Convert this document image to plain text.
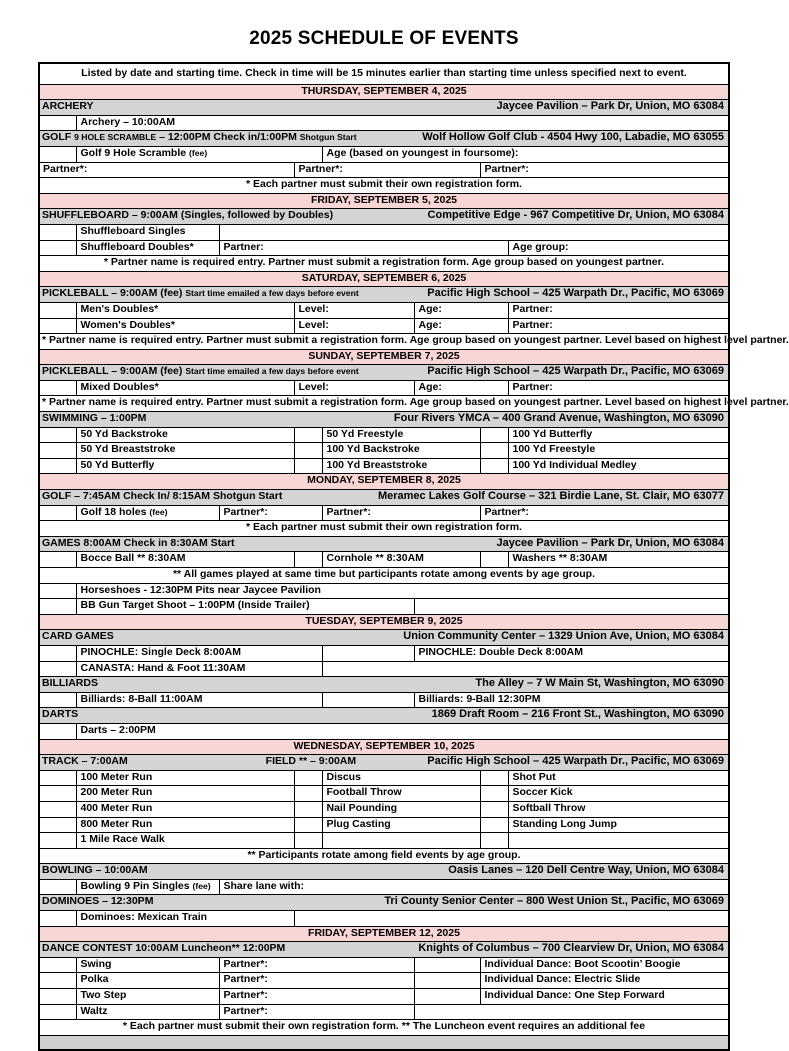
2025 SCHEDULE OF EVENTS
Listed by date and starting time. Check in time will be 15 minutes earlier than starting time unless specified next to event.							
THURSDAY, SEPTEMBER 4, 2025							
ARCHERY Jaycee Pavilion – Park Dr, Union, MO 63084							

	Archery – 10:00AM						
GOLF 9 HOLE SCRAMBLE – 12:00PM Check in/1:00PM Shotgun Start Wolf Hollow Golf Club - 4504 Hwy 100, Labadie, MO 63055							

	Golf 9 Hole Scramble (fee)			Age (based on youngest in foursome):			
Partner*:			Partner*:			Partner*:	
* Each partner must submit their own registration form.							
FRIDAY, SEPTEMBER 5, 2025							
SHUFFLEBOARD – 9:00AM (Singles, followed by Doubles) Competitive Edge - 967 Competitive Dr, Union, MO 63084							

	Shuffleboard Singles						
	Shuffleboard Doubles*	Partner:					Age group:
* Partner name is required entry. Partner must submit a registration form. Age group based on youngest partner.							
SATURDAY, SEPTEMBER 6, 2025							
PICKLEBALL – 9:00AM (fee) Start time emailed a few days before event Pacific High School – 425 Warpath Dr., Pacific, MO 63069							

	Men's Doubles*		Level:		Age:		Partner:
	Women's Doubles*		Level:		Age:		Partner:
* Partner name is required entry. Partner must submit a registration form. Age group based on youngest partner. Level based on highest level partner.							
SUNDAY, SEPTEMBER 7, 2025							
PICKLEBALL – 9:00AM (fee) Start time emailed a few days before event Pacific High School – 425 Warpath Dr., Pacific, MO 63069							

	Mixed Doubles*		Level:		Age:		Partner:
* Partner name is required entry. Partner must submit a registration form. Age group based on youngest partner. Level based on highest level partner.							
SWIMMING – 1:00PM Four Rivers YMCA – 400 Grand Avenue, Washington, MO 63090							

	50 Yd Backstroke			50 Yd Freestyle			100 Yd Butterfly
	50 Yd Breaststroke			100 Yd Backstroke			100 Yd Freestyle
	50 Yd Butterfly			100 Yd Breaststroke			100 Yd Individual Medley
MONDAY, SEPTEMBER 8, 2025							
GOLF – 7:45AM Check In/ 8:15AM Shotgun Start Meramec Lakes Golf Course – 321 Birdie Lane, St. Clair, MO 63077							

	Golf 18 holes (fee)	Partner*:		Partner*:		Partner*:	
* Each partner must submit their own registration form.							
GAMES 8:00AM Check in 8:30AM Start Jaycee Pavilion – Park Dr, Union, MO 63084							

	Bocce Ball ** 8:30AM			Cornhole ** 8:30AM			Washers ** 8:30AM
** All games played at same time but participants rotate among events by age group.							
	Horseshoes - 12:30PM Pits near Jaycee Pavilion						
	BB Gun Target Shoot – 1:00PM (Inside Trailer)						
TUESDAY, SEPTEMBER 9, 2025							
CARD GAMES Union Community Center – 1329 Union Ave, Union, MO 63084							

	PINOCHLE: Single Deck 8:00AM				PINOCHLE: Double Deck 8:00AM		
	CANASTA: Hand & Foot 11:30AM						
BILLIARDS The Alley – 7 W Main St, Washington, MO 63090							

	Billiards: 8-Ball 11:00AM				Billiards: 9-Ball 12:30PM		
DARTS 1869 Draft Room – 216 Front St., Washington, MO 63090							

	Darts – 2:00PM						
WEDNESDAY, SEPTEMBER 10, 2025							
TRACK – 7:00AM FIELD ** – 9:00AM Pacific High School – 425 Warpath Dr., Pacific, MO 63069							

	100 Meter Run			Discus			Shot Put
	200 Meter Run			Football Throw			Soccer Kick
	400 Meter Run			Nail Pounding			Softball Throw
	800 Meter Run			Plug Casting			Standing Long Jump
	1 Mile Race Walk						
** Participants rotate among field events by age group.							
BOWLING – 10:00AM Oasis Lanes – 120 Dell Centre Way, Union, MO 63084							

	Bowling 9 Pin Singles (fee)	Share lane with:					
DOMINOES – 12:30PM Tri County Senior Center – 800 West Union St., Pacific, MO 63069							

	Dominoes: Mexican Train						
FRIDAY, SEPTEMBER 12, 2025							
DANCE CONTEST 10:00AM Luncheon** 12:00PM Knights of Columbus – 700 Clearview Dr, Union, MO 63084							

	Swing	Partner*:				Individual Dance: Boot Scootin’ Boogie	
	Polka	Partner*:				Individual Dance: Electric Slide	
	Two Step	Partner*:				Individual Dance: One Step Forward	
	Waltz	Partner*:					
* Each partner must submit their own registration form. ** The Luncheon event requires an additional fee							
